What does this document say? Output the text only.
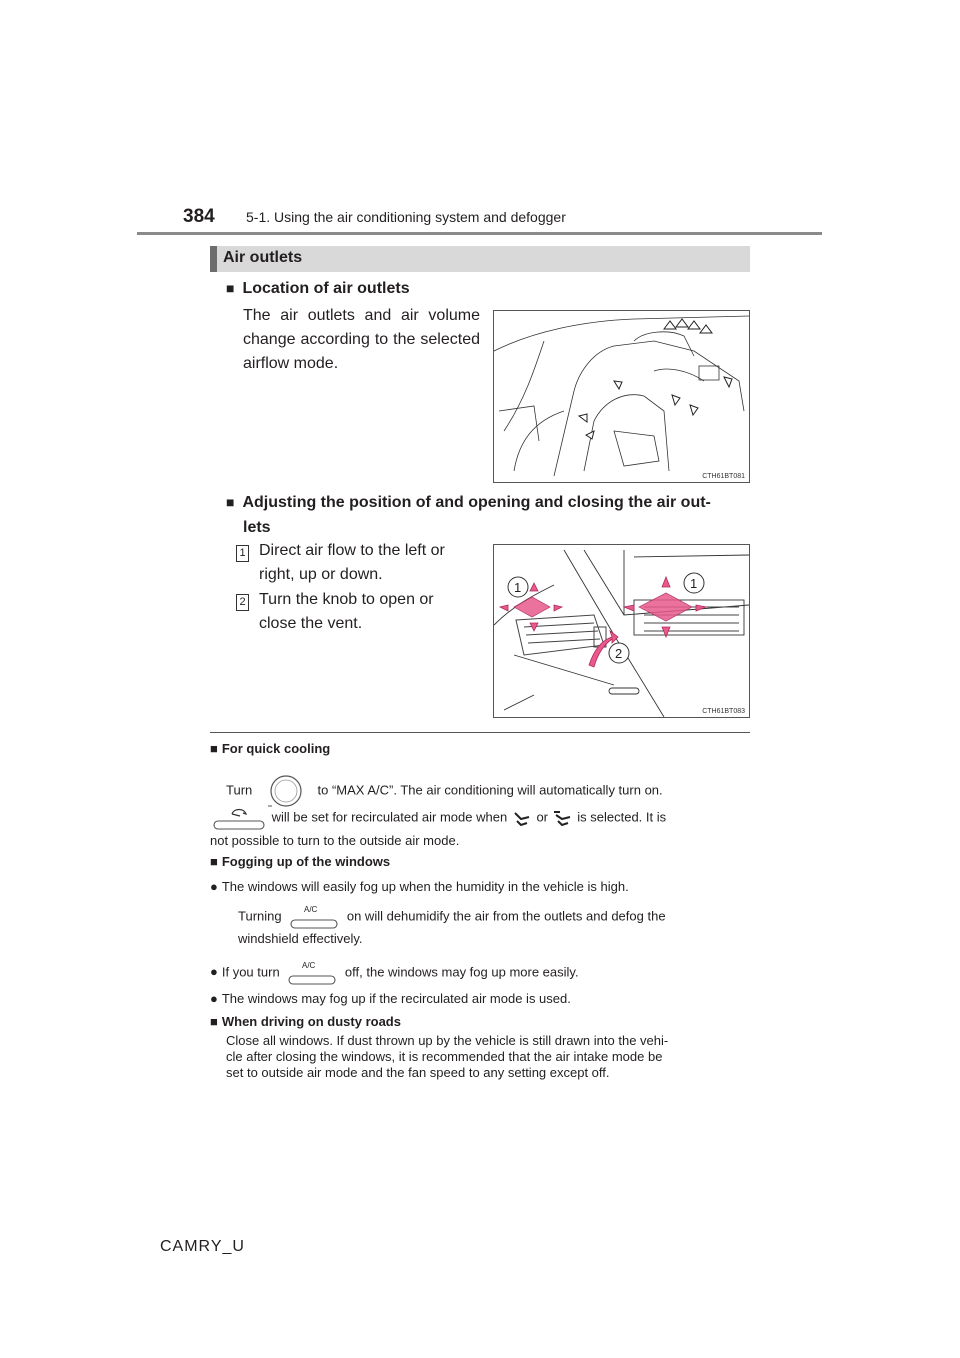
384 5-1. Using the air conditioning system and defogger
Air outlets
■ Location of air outlets
The air outlets and air volume change according to the selected airflow mode.
CTH61BT081
■ Adjusting the position of and opening and closing the air out-
lets
1 Direct air flow to the left or
right, up or down.
2 Turn the knob to open or
close the vent.
1	1
2
CTH61BT083
■ For quick cooling
Turn	to “MAX A/C”. The air conditioning will automatically turn on.
will be set for recirculated air mode when or is selected. It is
not possible to turn to the outside air mode.
■ Fogging up of the windows
● The windows will easily fog up when the humidity in the vehicle is high.
Turning	A/C on will dehumidify the air from the outlets and defog the
windshield effectively.
● If you turn	A/C off, the windows may fog up more easily.
● The windows may fog up if the recirculated air mode is used.
■ When driving on dusty roads
Close all windows. If dust thrown up by the vehicle is still drawn into the vehi-
cle after closing the windows, it is recommended that the air intake mode be
set to outside air mode and the fan speed to any setting except off.
CAMRY_U
